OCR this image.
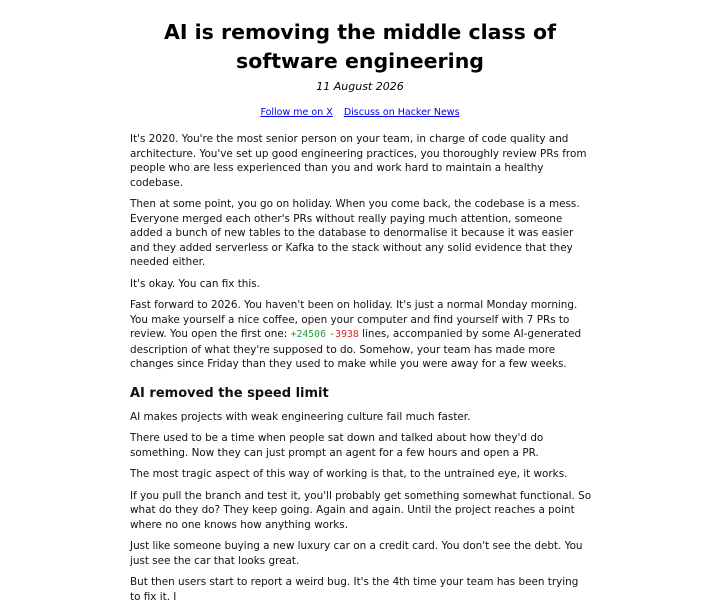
AI is removing the middle class of software engineering
11 August 2026
Follow me on X Discuss on Hacker News

It's 2020. You're the most senior person on your team, in charge of code quality and architecture. You've set up good engineering practices, you thoroughly review PRs from people who are less experienced than you and work hard to maintain a healthy codebase.

Then at some point, you go on holiday. When you come back, the codebase is a mess. Everyone merged each other's PRs without really paying much attention, someone added a bunch of new tables to the database to denormalise it because it was easier and they added serverless or Kafka to the stack without any solid evidence that they needed either.

It's okay. You can fix this.

Fast forward to 2026. You haven't been on holiday. It's just a normal Monday morning. You make yourself a nice coffee, open your computer and find yourself with 7 PRs to review. You open the first one: +24506 -3938 lines, accompanied by some AI-generated description of what they're supposed to do. Somehow, your team has made more changes since Friday than they used to make while you were away for a few weeks.

AI removed the speed limit

AI makes projects with weak engineering culture fail much faster.

There used to be a time when people sat down and talked about how they'd do something. Now they can just prompt an agent for a few hours and open a PR.

The most tragic aspect of this way of working is that, to the untrained eye, it works.

If you pull the branch and test it, you'll probably get something somewhat functional. So what do they do? They keep going. Again and again. Until the project reaches a point where no one knows how anything works.

Just like someone buying a new luxury car on a credit card. You don't see the debt. You just see the car that looks great.

But then users start to report a weird bug. It's the 4th time your team has been trying to fix it. I
